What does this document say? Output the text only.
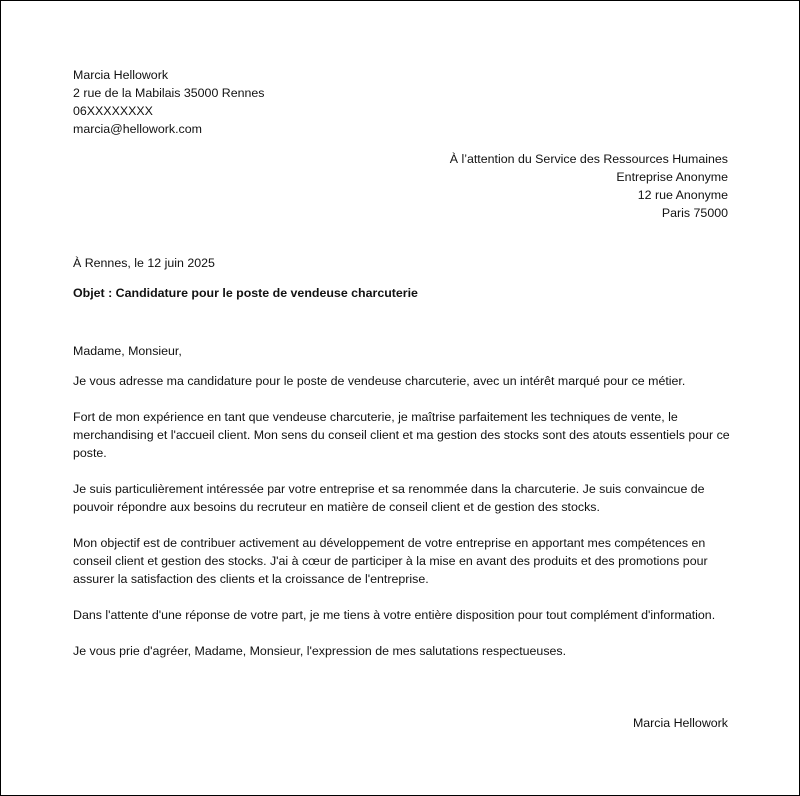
Marcia Hellowork
2 rue de la Mabilais 35000 Rennes
06XXXXXXXX
marcia@hellowork.com
À l’attention du Service des Ressources Humaines
Entreprise Anonyme
12 rue Anonyme
Paris 75000
À Rennes, le 12 juin 2025
Objet : Candidature pour le poste de vendeuse charcuterie

Madame, Monsieur,

Je vous adresse ma candidature pour le poste de vendeuse charcuterie, avec un intérêt marqué pour ce métier.

Fort de mon expérience en tant que vendeuse charcuterie, je maîtrise parfaitement les techniques de vente, le merchandising et l'accueil client. Mon sens du conseil client et ma gestion des stocks sont des atouts essentiels pour ce poste.

Je suis particulièrement intéressée par votre entreprise et sa renommée dans la charcuterie. Je suis convaincue de pouvoir répondre aux besoins du recruteur en matière de conseil client et de gestion des stocks.

Mon objectif est de contribuer activement au développement de votre entreprise en apportant mes compétences en conseil client et gestion des stocks. J'ai à cœur de participer à la mise en avant des produits et des promotions pour assurer la satisfaction des clients et la croissance de l'entreprise.

Dans l'attente d'une réponse de votre part, je me tiens à votre entière disposition pour tout complément d'information.

Je vous prie d'agréer, Madame, Monsieur, l'expression de mes salutations respectueuses.

Marcia Hellowork
